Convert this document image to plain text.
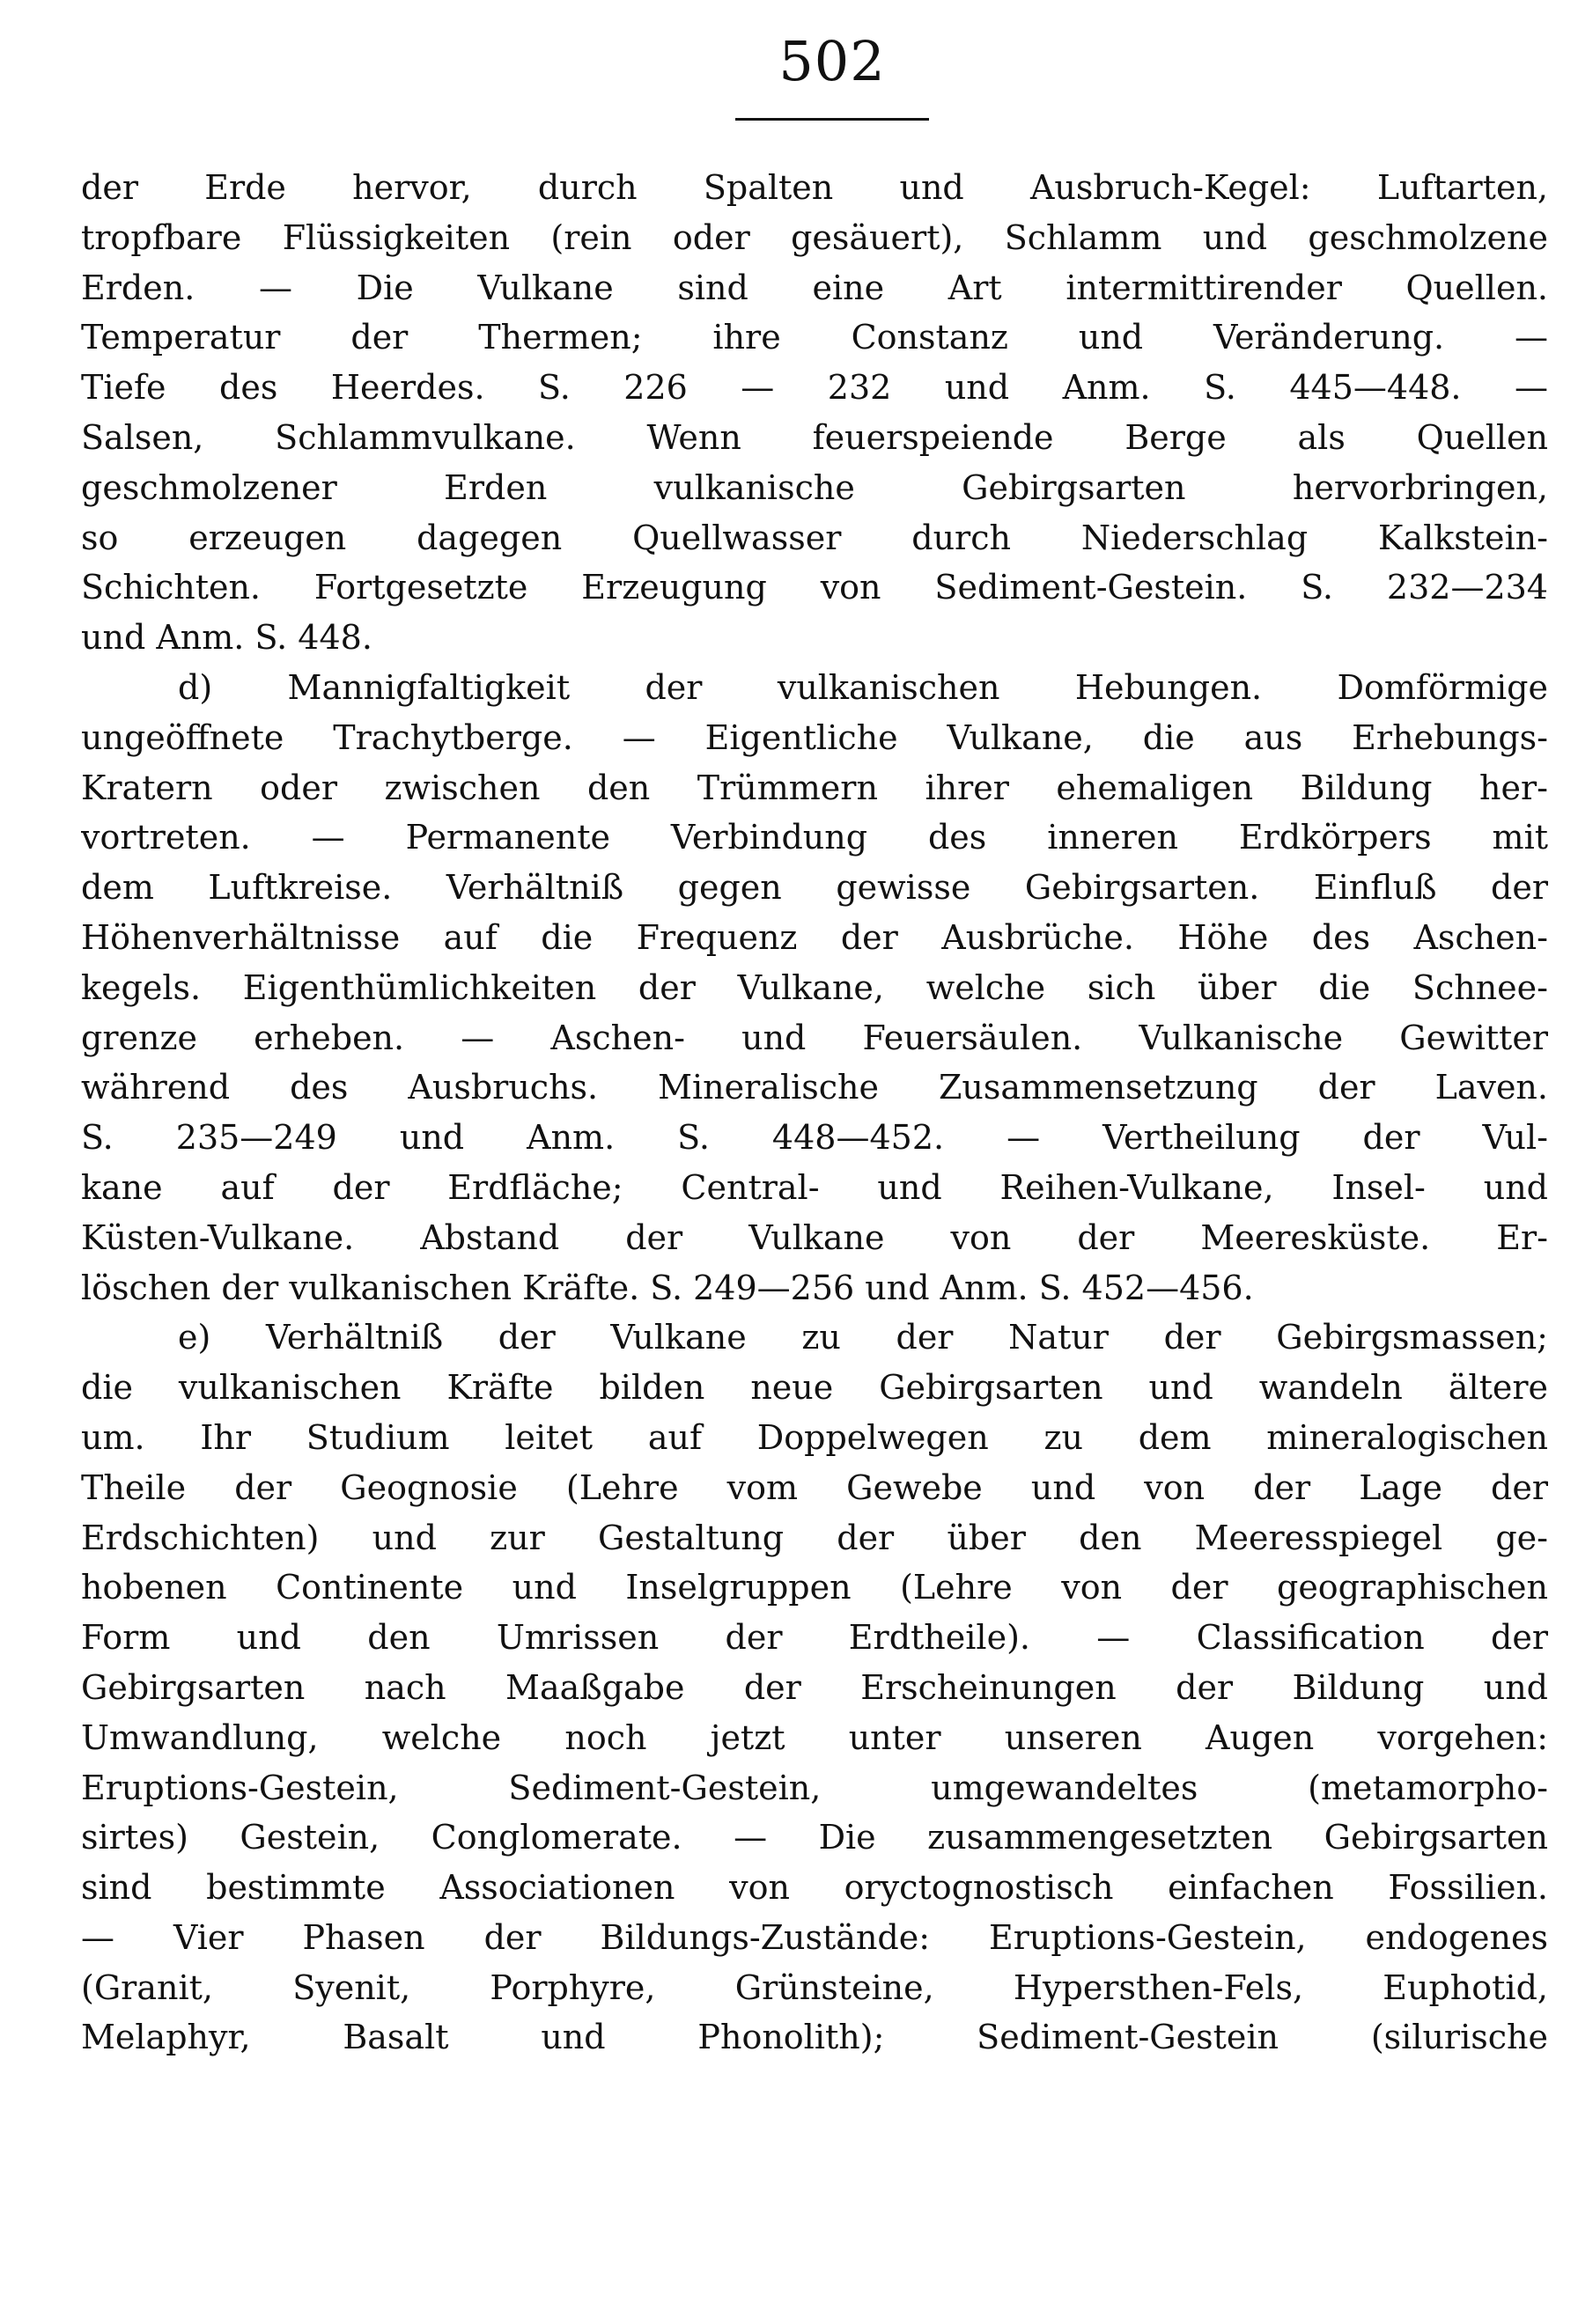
502
der Erde hervor, durch Spalten und Ausbruch-Kegel: Luftarten,
tropfbare Flüssigkeiten (rein oder gesäuert), Schlamm und geschmolzene
Erden. — Die Vulkane sind eine Art intermittirender Quellen.
Temperatur der Thermen; ihre Constanz und Veränderung. —
Tiefe des Heerdes. S. 226 — 232 und Anm. S. 445—448. —
Salsen, Schlammvulkane. Wenn feuerspeiende Berge als Quellen
geschmolzener Erden vulkanische Gebirgsarten hervorbringen,
so erzeugen dagegen Quellwasser durch Niederschlag Kalkstein-
Schichten. Fortgesetzte Erzeugung von Sediment-Gestein. S. 232—234
und Anm. S. 448.
d) Mannigfaltigkeit der vulkanischen Hebungen. Domförmige
ungeöffnete Trachytberge. — Eigentliche Vulkane, die aus Erhebungs-
Kratern oder zwischen den Trümmern ihrer ehemaligen Bildung her-
vortreten. — Permanente Verbindung des inneren Erdkörpers mit
dem Luftkreise. Verhältniß gegen gewisse Gebirgsarten. Einfluß der
Höhenverhältnisse auf die Frequenz der Ausbrüche. Höhe des Aschen-
kegels. Eigenthümlichkeiten der Vulkane, welche sich über die Schnee-
grenze erheben. — Aschen- und Feuersäulen. Vulkanische Gewitter
während des Ausbruchs. Mineralische Zusammensetzung der Laven.
S. 235—249 und Anm. S. 448—452. — Vertheilung der Vul-
kane auf der Erdfläche; Central- und Reihen-Vulkane, Insel- und
Küsten-Vulkane. Abstand der Vulkane von der Meeresküste. Er-
löschen der vulkanischen Kräfte. S. 249—256 und Anm. S. 452—456.
e) Verhältniß der Vulkane zu der Natur der Gebirgsmassen;
die vulkanischen Kräfte bilden neue Gebirgsarten und wandeln ältere
um. Ihr Studium leitet auf Doppelwegen zu dem mineralogischen
Theile der Geognosie (Lehre vom Gewebe und von der Lage der
Erdschichten) und zur Gestaltung der über den Meeresspiegel ge-
hobenen Continente und Inselgruppen (Lehre von der geographischen
Form und den Umrissen der Erdtheile). — Classification der
Gebirgsarten nach Maaßgabe der Erscheinungen der Bildung und
Umwandlung, welche noch jetzt unter unseren Augen vorgehen:
Eruptions-Gestein, Sediment-Gestein, umgewandeltes (metamorpho-
sirtes) Gestein, Conglomerate. — Die zusammengesetzten Gebirgsarten
sind bestimmte Associationen von oryctognostisch einfachen Fossilien.
— Vier Phasen der Bildungs-Zustände: Eruptions-Gestein, endogenes
(Granit, Syenit, Porphyre, Grünsteine, Hypersthen-Fels, Euphotid,
Melaphyr, Basalt und Phonolith); Sediment-Gestein (silurische
